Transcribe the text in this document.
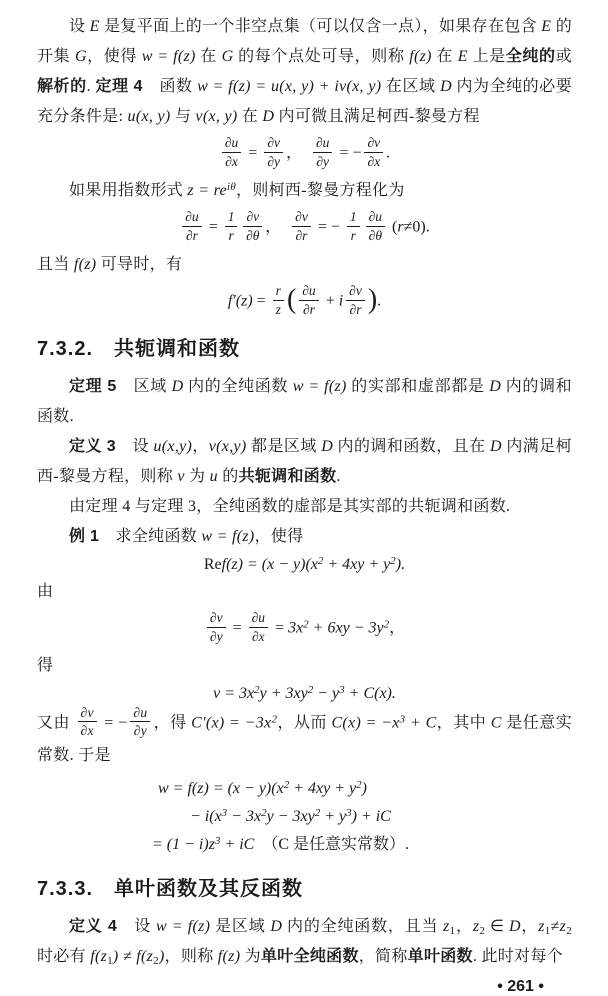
设 E 是复平面上的一个非空点集（可以仅含一点），如果存在包含 E 的开集 G，使得 w = f(z) 在 G 的每个点处可导，则称 f(z) 在 E 上是全纯的或解析的. 定理 4　函数 w = f(z) = u(x, y) + iv(x, y) 在区域 D 内为全纯的必要充分条件是: u(x, y) 与 v(x, y) 在 D 内可微且满足柯西-黎曼方程

$\frac{\partial u}{\partial x} = \frac{\partial v}{\partial y}$ ，　 $\frac{\partial u}{\partial y}$ = − $\frac{\partial v}{\partial x}$ .

如果用指数形式 $z = re^{i\theta}$，则柯西-黎曼方程化为

$\frac{\partial u}{\partial r} = \frac{1}{r} \frac{\partial v}{\partial\theta}$ ，　 $\frac{\partial v}{\partial r}$ = − $\frac{1}{r} \frac{\partial u}{\partial\theta} (r\ne 0)$.

且当 f(z) 可导时，有

$f'(z) = \frac{r}{z}$ ( $\frac{\partial u}{\partial r} + i \frac{\partial v}{\partial r}$ ).
7.3.2.　共轭调和函数

定理 5　区域 D 内的全纯函数 w = f(z) 的实部和虚部都是 D 内的调和函数.

定义 3　设 u(x,y)，v(x,y) 都是区域 D 内的调和函数，且在 D 内满足柯西-黎曼方程，则称 v 为 u 的共轭调和函数.

由定理 4 与定理 3，全纯函数的虚部是其实部的共轭调和函数.

例 1　求全纯函数 w = f(z)，使得

$Ref(z) = (x - y)(x^2 + 4xy + y^2)$.

由

$\frac{\partial v}{\partial y} = \frac{\partial u}{\partial x} = 3x^2 + 6xy - 3y^2$，

得

$v = 3x^2y + 3xy^2 - y^3 + C(x)$.

又由 $\frac{\partial v}{\partial x}$ = − $\frac{\partial u}{\partial y}$ ，得 $C'(x) = -3x^2$，从而 $C(x) = -x^3 + C$，其中 C 是任意实常数. 于是

$w = f(z) = (x - y)(x^2 + 4xy + y^2)$
− $i(x^3 - 3x^2y - 3xy^2 + y^3)$ + iC
= $(1 - i)z^3$ + iC　（C 是任意实常数）.
7.3.3.　单叶函数及其反函数

定义 4　设 w = f(z) 是区域 D 内的全纯函数，且当 $z_1$，$z_2$ ∈ D，$z_1\ne z_2$ 时必有 $f(z_1) \ne f(z_2)$，则称 f(z) 为单叶全纯函数，简称单叶函数. 此时对每个

• 261 •
